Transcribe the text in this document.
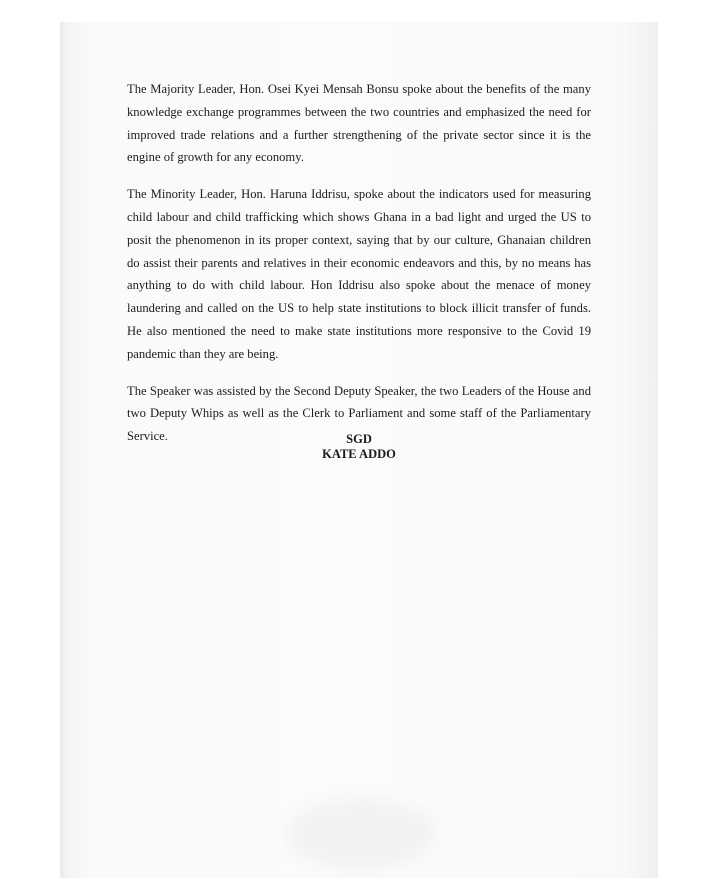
The Majority Leader, Hon. Osei Kyei Mensah Bonsu spoke about the benefits of the many knowledge exchange programmes between the two countries and emphasized the need for improved trade relations and a further strengthening of the private sector since it is the engine of growth for any economy.

The Minority Leader, Hon. Haruna Iddrisu, spoke about the indicators used for measuring child labour and child trafficking which shows Ghana in a bad light and urged the US to posit the phenomenon in its proper context, saying that by our culture, Ghanaian children do assist their parents and relatives in their economic endeavors and this, by no means has anything to do with child labour. Hon Iddrisu also spoke about the menace of money laundering and called on the US to help state institutions to block illicit transfer of funds. He also mentioned the need to make state institutions more responsive to the Covid 19 pandemic than they are being.

The Speaker was assisted by the Second Deputy Speaker, the two Leaders of the House and two Deputy Whips as well as the Clerk to Parliament and some staff of the Parliamentary Service.	SGD
KATE ADDO
